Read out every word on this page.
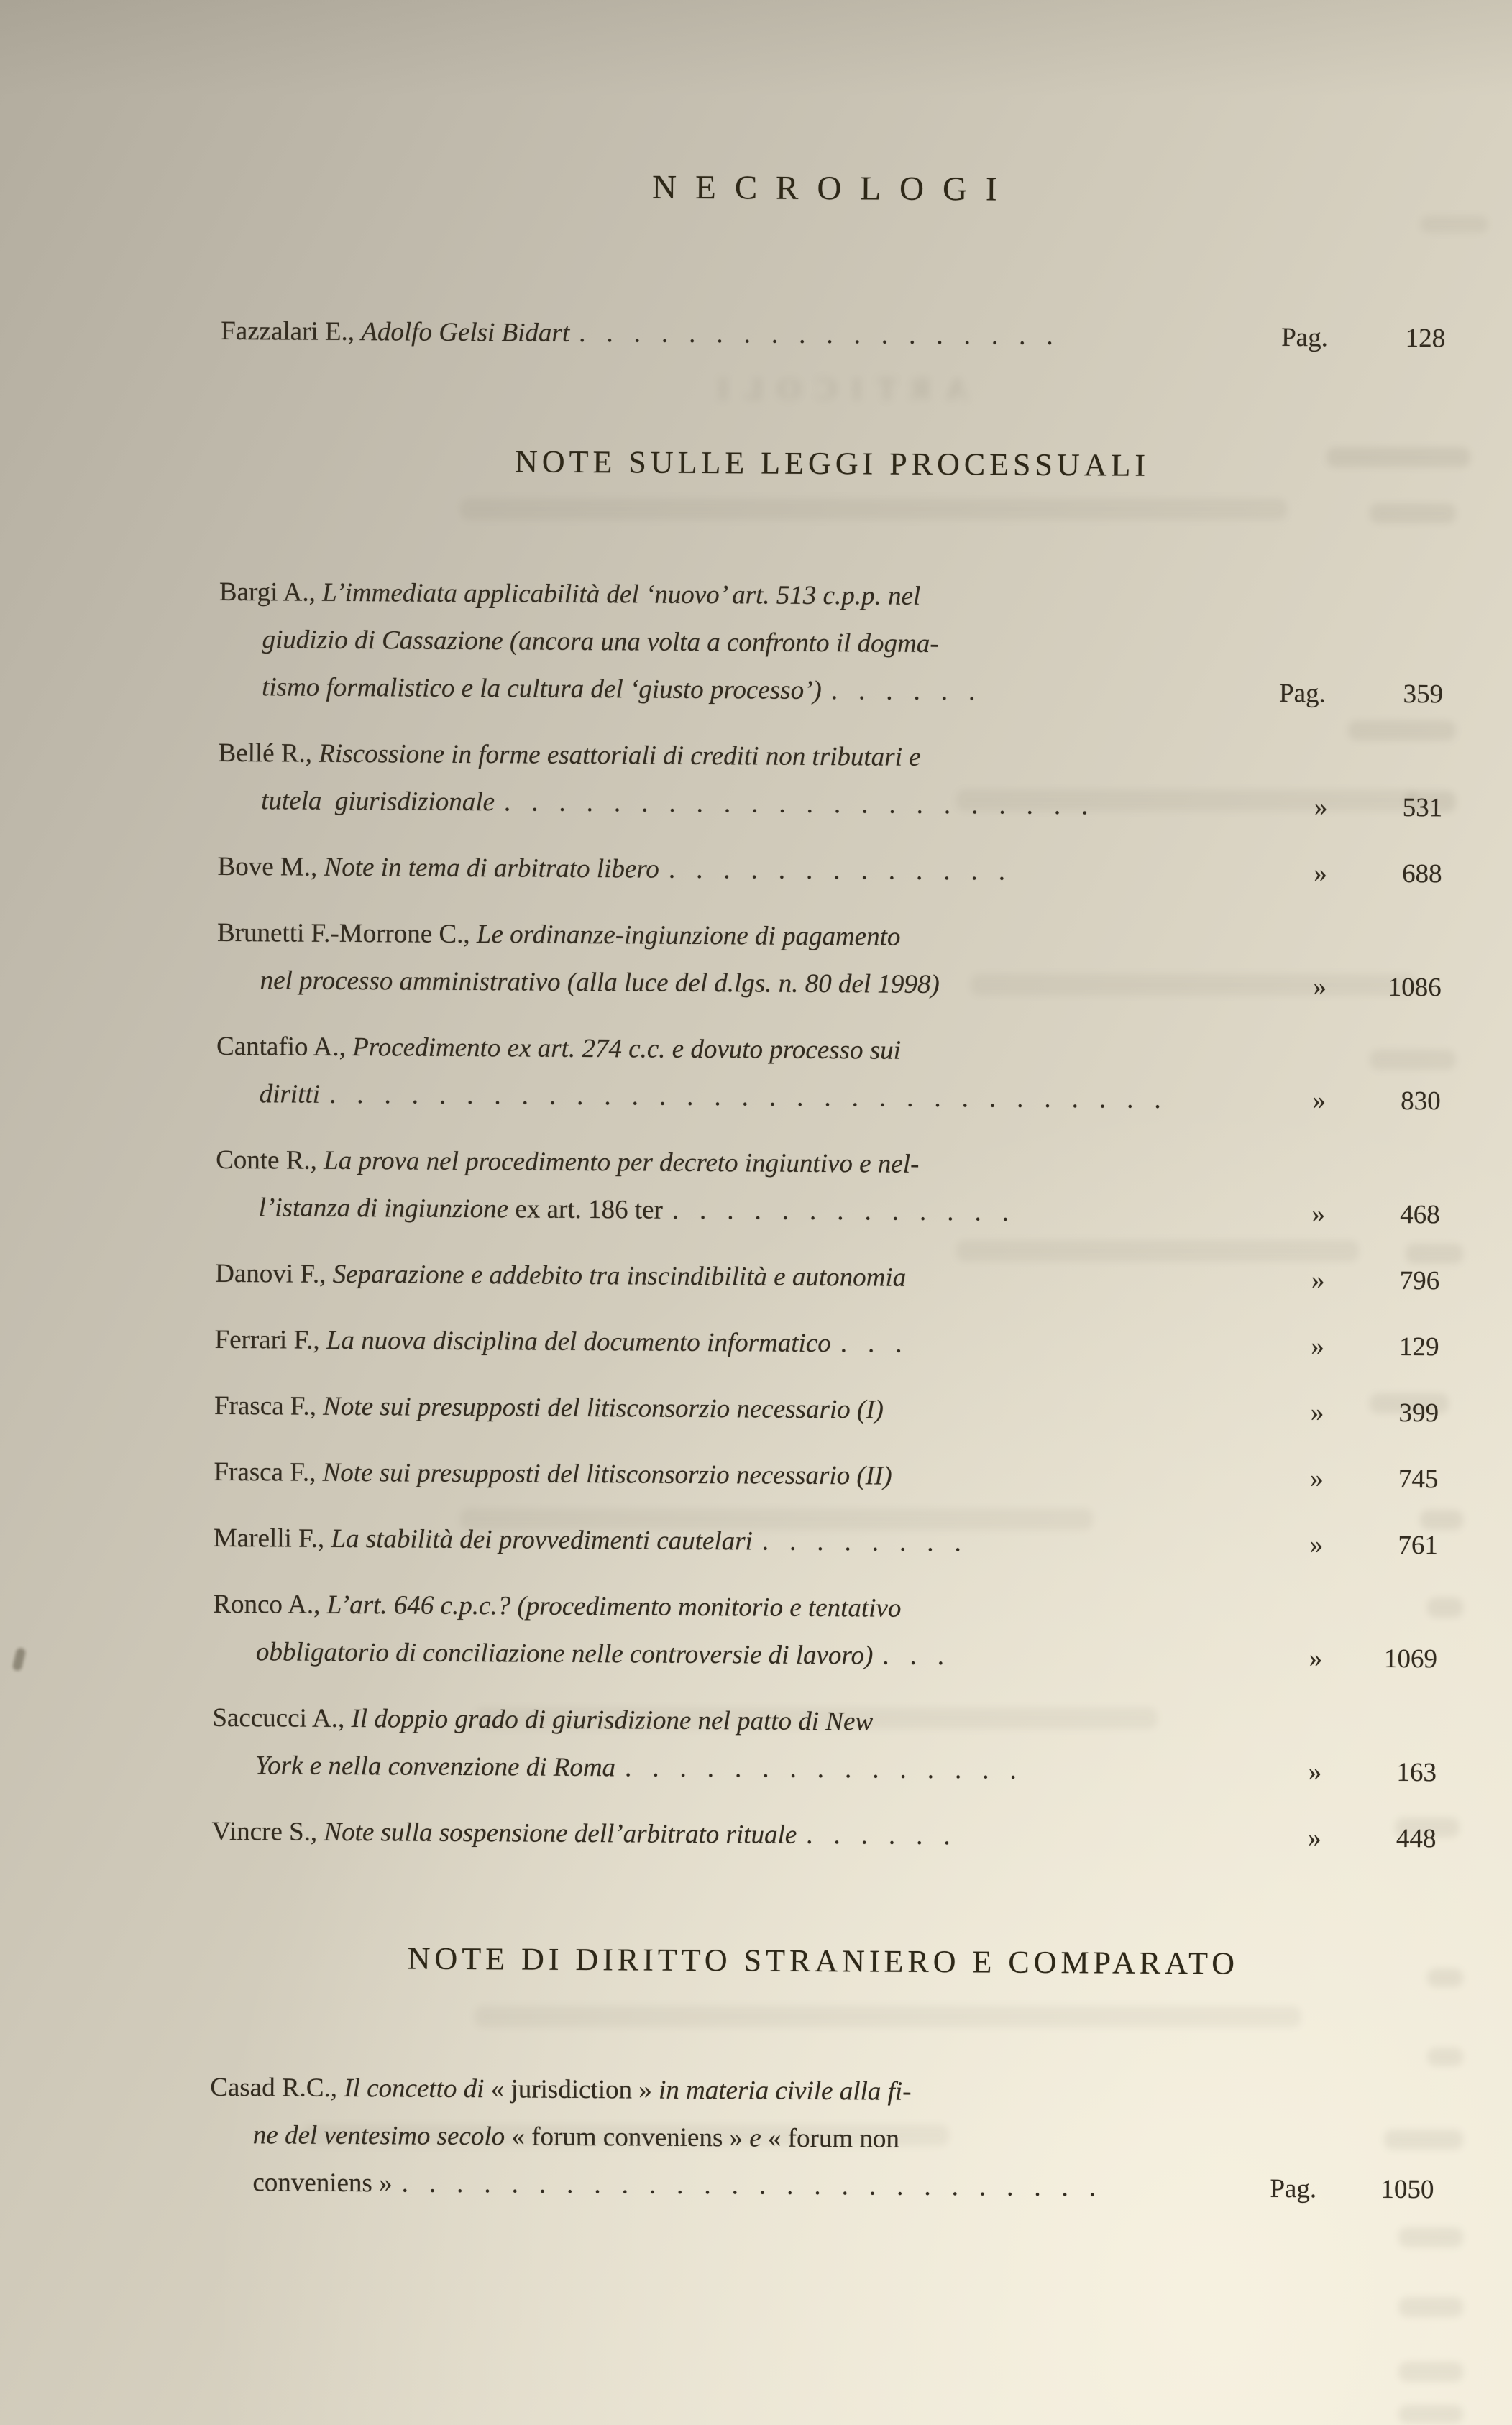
ARTICOLI
NECROLOGI
Fazzalari E., Adolfo Gelsi Bidart ..................	Pag.	128
NOTE SULLE LEGGI PROCESSUALI
Bargi A., L’immediata applicabilità del ‘nuovo’ art. 513 c.p.p. nel
giudizio di Cassazione (ancora una volta a confronto il dogma-
tismo formalistico e la cultura del ‘giusto processo’) ......	Pag.	359
Bellé R., Riscossione in forme esattoriali di crediti non tributari e
tutela  giurisdizionale ......................	»	531
Bove M., Note in tema di arbitrato libero .............	»	688
Brunetti F.-Morrone C., Le ordinanze-ingiunzione di pagamento
nel processo amministrativo (alla luce del d.lgs. n. 80 del 1998)	»	1086
Cantafio A., Procedimento ex art. 274 c.c. e dovuto processo sui
diritti ...............................	»	830
Conte R., La prova nel procedimento per decreto ingiuntivo e nel-
l’istanza di ingiunzione ex art. 186 ter .............	»	468
Danovi F., Separazione e addebito tra inscindibilità e autonomia	»	796
Ferrari F., La nuova disciplina del documento informatico ...	»	129
Frasca F., Note sui presupposti del litisconsorzio necessario (I)	»	399
Frasca F., Note sui presupposti del litisconsorzio necessario (II)	»	745
Marelli F., La stabilità dei provvedimenti cautelari ........	»	761
Ronco A., L’art. 646 c.p.c.? (procedimento monitorio e tentativo
obbligatorio di conciliazione nelle controversie di lavoro) ...	»	1069
Saccucci A., Il doppio grado di giurisdizione nel patto di New
York e nella convenzione di Roma ...............	»	163
Vincre S., Note sulla sospensione dell’arbitrato rituale ......	»	448
NOTE DI DIRITTO STRANIERO E COMPARATO
Casad R.C., Il concetto di « jurisdiction » in materia civile alla fi-
ne del ventesimo secolo « forum conveniens » e « forum non
conveniens » ..........................	Pag.	1050
